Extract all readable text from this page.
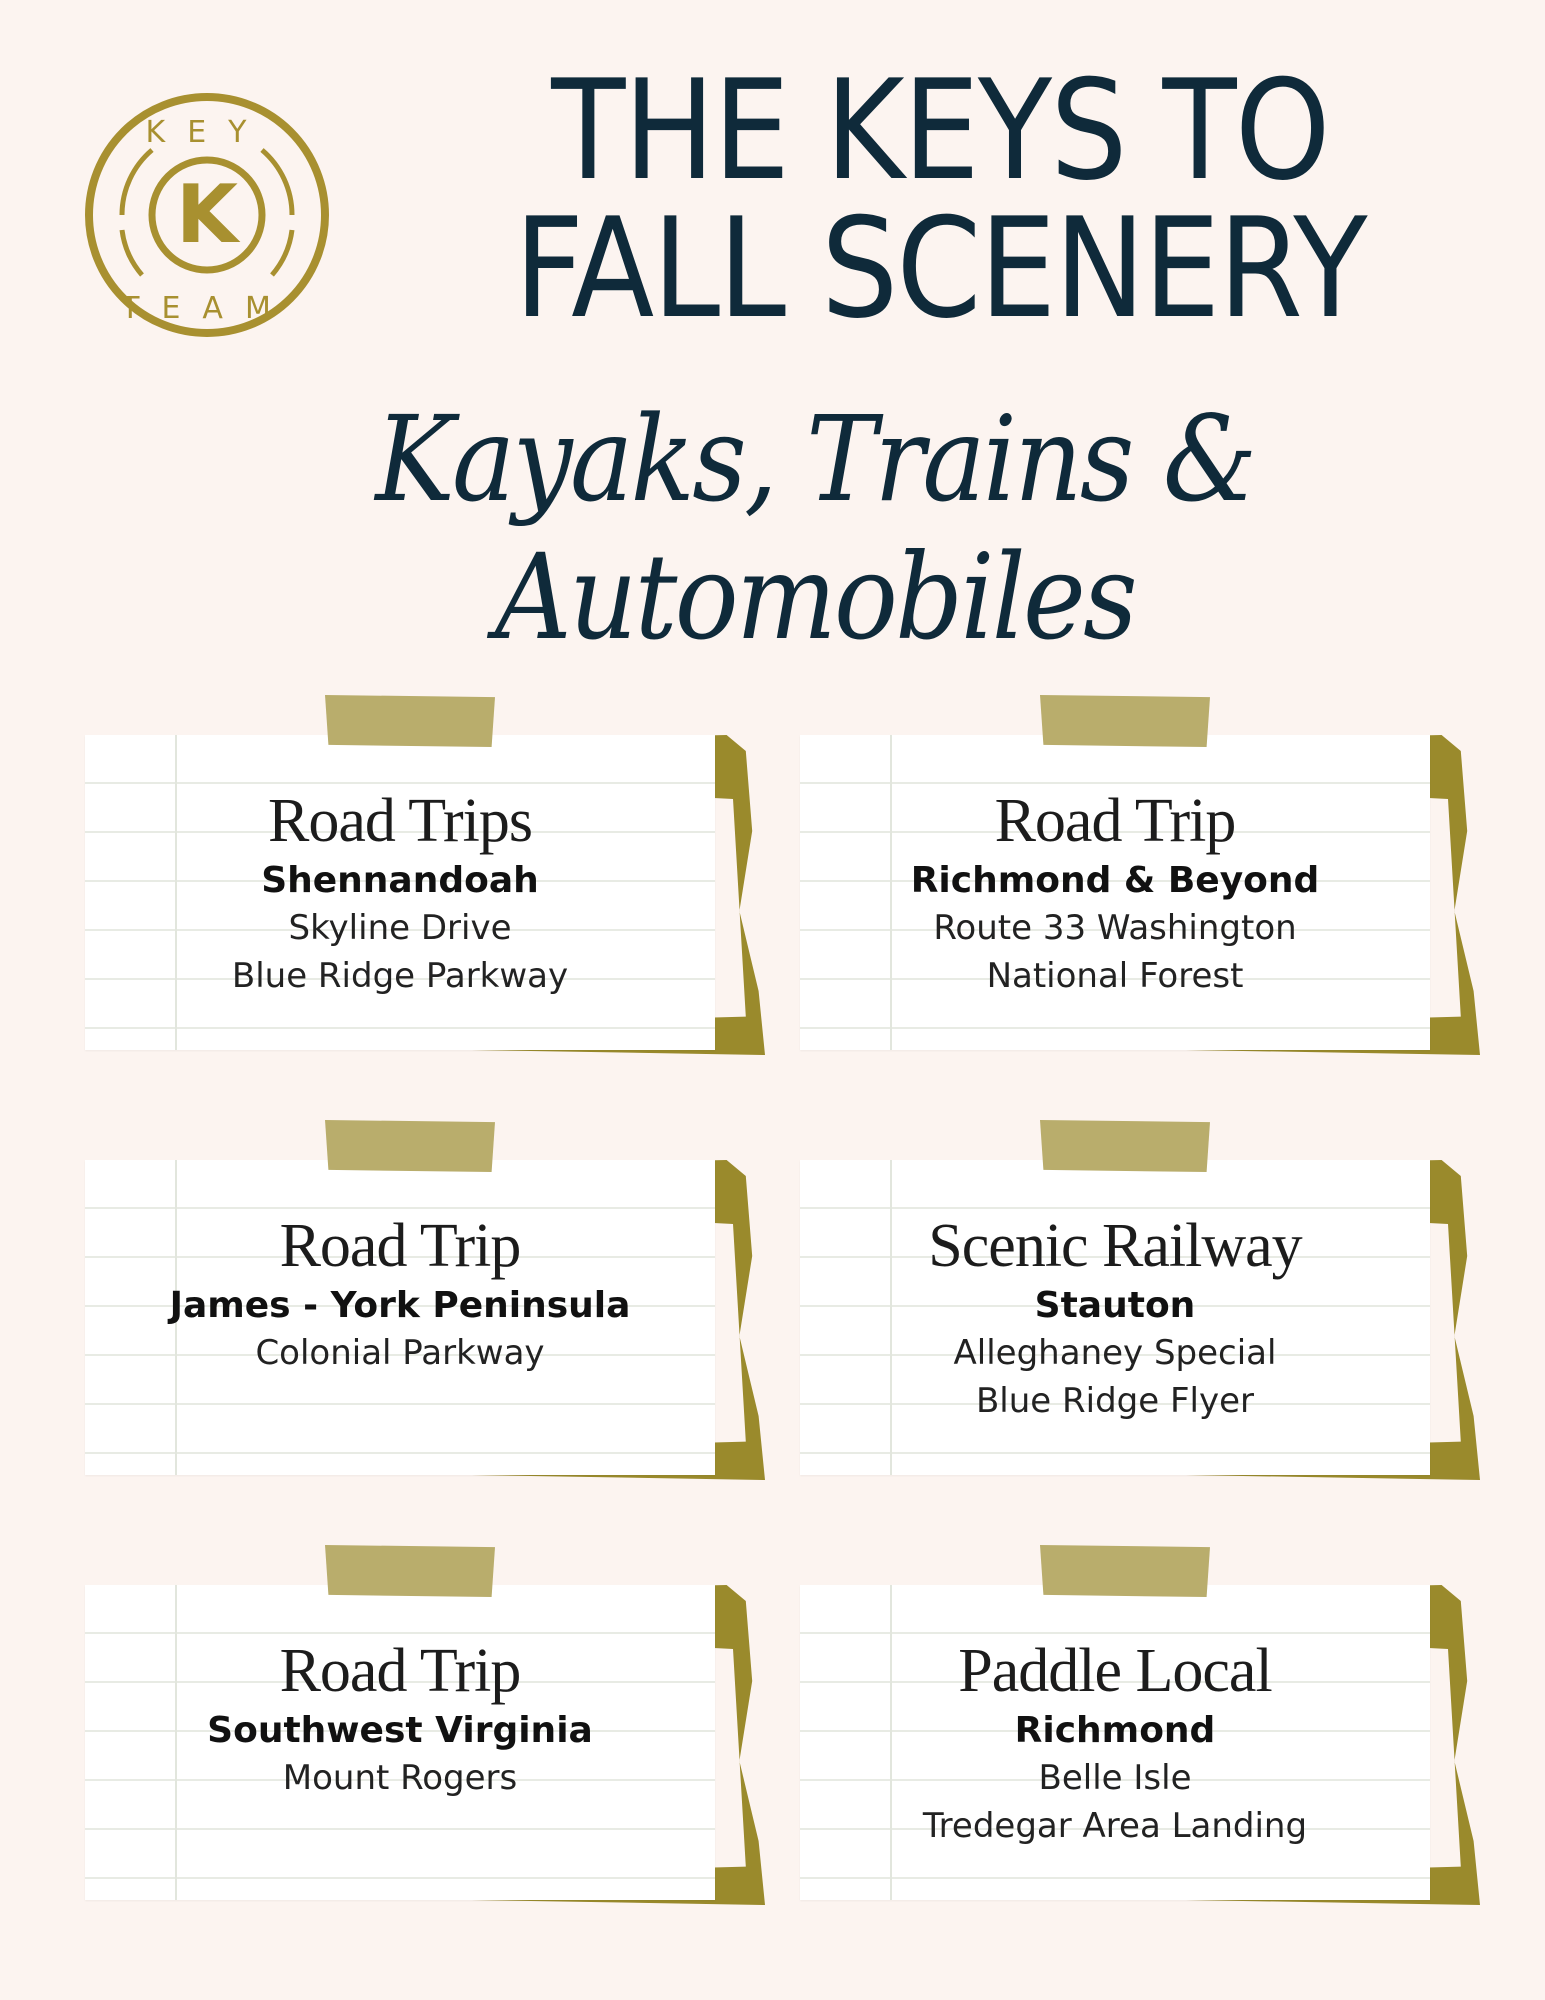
KEY
K
TEAM
THE KEYS TO
FALL SCENERY
Kayaks, Trains & Automobiles
Road Trips
Shennandoah
Skyline Drive
Blue Ridge Parkway
Road Trip
Richmond & Beyond
Route 33 Washington
National Forest
Road Trip
James - York Peninsula
Colonial Parkway
Scenic Railway
Stauton
Alleghaney Special
Blue Ridge Flyer
Road Trip
Southwest Virginia
Mount Rogers
Paddle Local
Richmond
Belle Isle
Tredegar Area Landing
